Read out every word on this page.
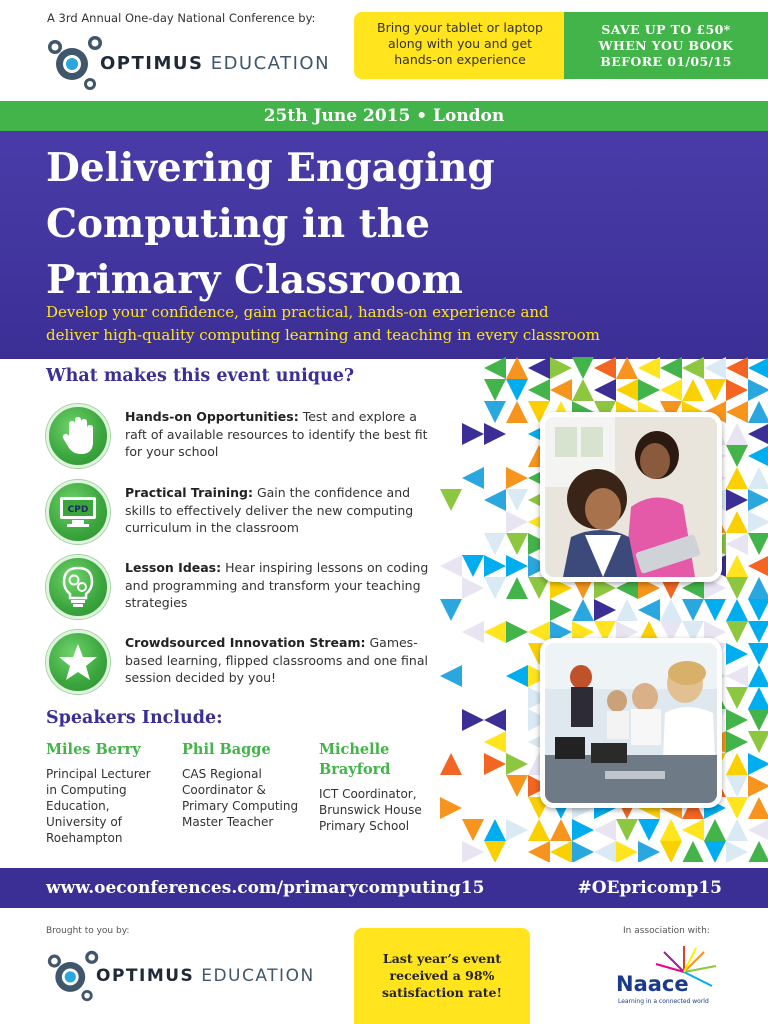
A 3rd Annual One-day National Conference by:
OPTIMUS EDUCATION
Bring your tablet or laptop
along with you and get
hands-on experience
SAVE UP TO £50*
WHEN YOU BOOK
BEFORE 01/05/15
25th June 2015 • London
Delivering Engaging
Computing in the
Primary Classroom
Develop your confidence, gain practical, hands-on experience and
deliver high-quality computing learning and teaching in every classroom
What makes this event unique?
Hands-on Opportunities: Test and explore a raft of available resources to identify the best fit for your school
CPD
Practical Training: Gain the confidence and skills to effectively deliver the new computing curriculum in the classroom
Lesson Ideas: Hear inspiring lessons on coding and programming and transform your teaching strategies
Crowdsourced Innovation Stream: Games-based learning, flipped classrooms and one final session decided by you!
Speakers Include:
Miles Berry
Principal Lecturer
in Computing
Education,
University of
Roehampton
Phil Bagge
CAS Regional
Coordinator &
Primary Computing
Master Teacher
Michelle
Brayford
ICT Coordinator,
Brunswick House
Primary School
www.oeconferences.com/primarycomputing15	#OEpricomp15
Brought to you by:
OPTIMUS EDUCATION
Last year’s event
received a 98%
satisfaction rate!
In association with:
Naace
Learning in a connected world
